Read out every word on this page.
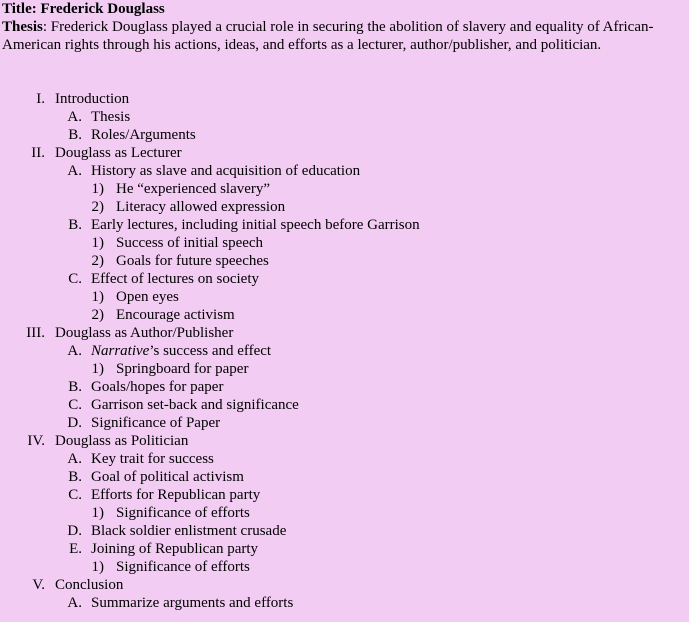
Title: Frederick Douglass
Thesis: Frederick Douglass played a crucial role in securing the abolition of slavery and equality of African-American rights through his actions, ideas, and efforts as a lecturer, author/publisher, and politician.
I. Introduction
A. Thesis
B. Roles/Arguments
II. Douglass as Lecturer
A. History as slave and acquisition of education
1) He “experienced slavery”
2) Literacy allowed expression
B. Early lectures, including initial speech before Garrison
1) Success of initial speech
2) Goals for future speeches
C. Effect of lectures on society
1) Open eyes
2) Encourage activism
III. Douglass as Author/Publisher
A. Narrative’s success and effect
1) Springboard for paper
B. Goals/hopes for paper
C. Garrison set-back and significance
D. Significance of Paper
IV. Douglass as Politician
A. Key trait for success
B. Goal of political activism
C. Efforts for Republican party
1) Significance of efforts
D. Black soldier enlistment crusade
E. Joining of Republican party
1) Significance of efforts
V. Conclusion
A. Summarize arguments and efforts
